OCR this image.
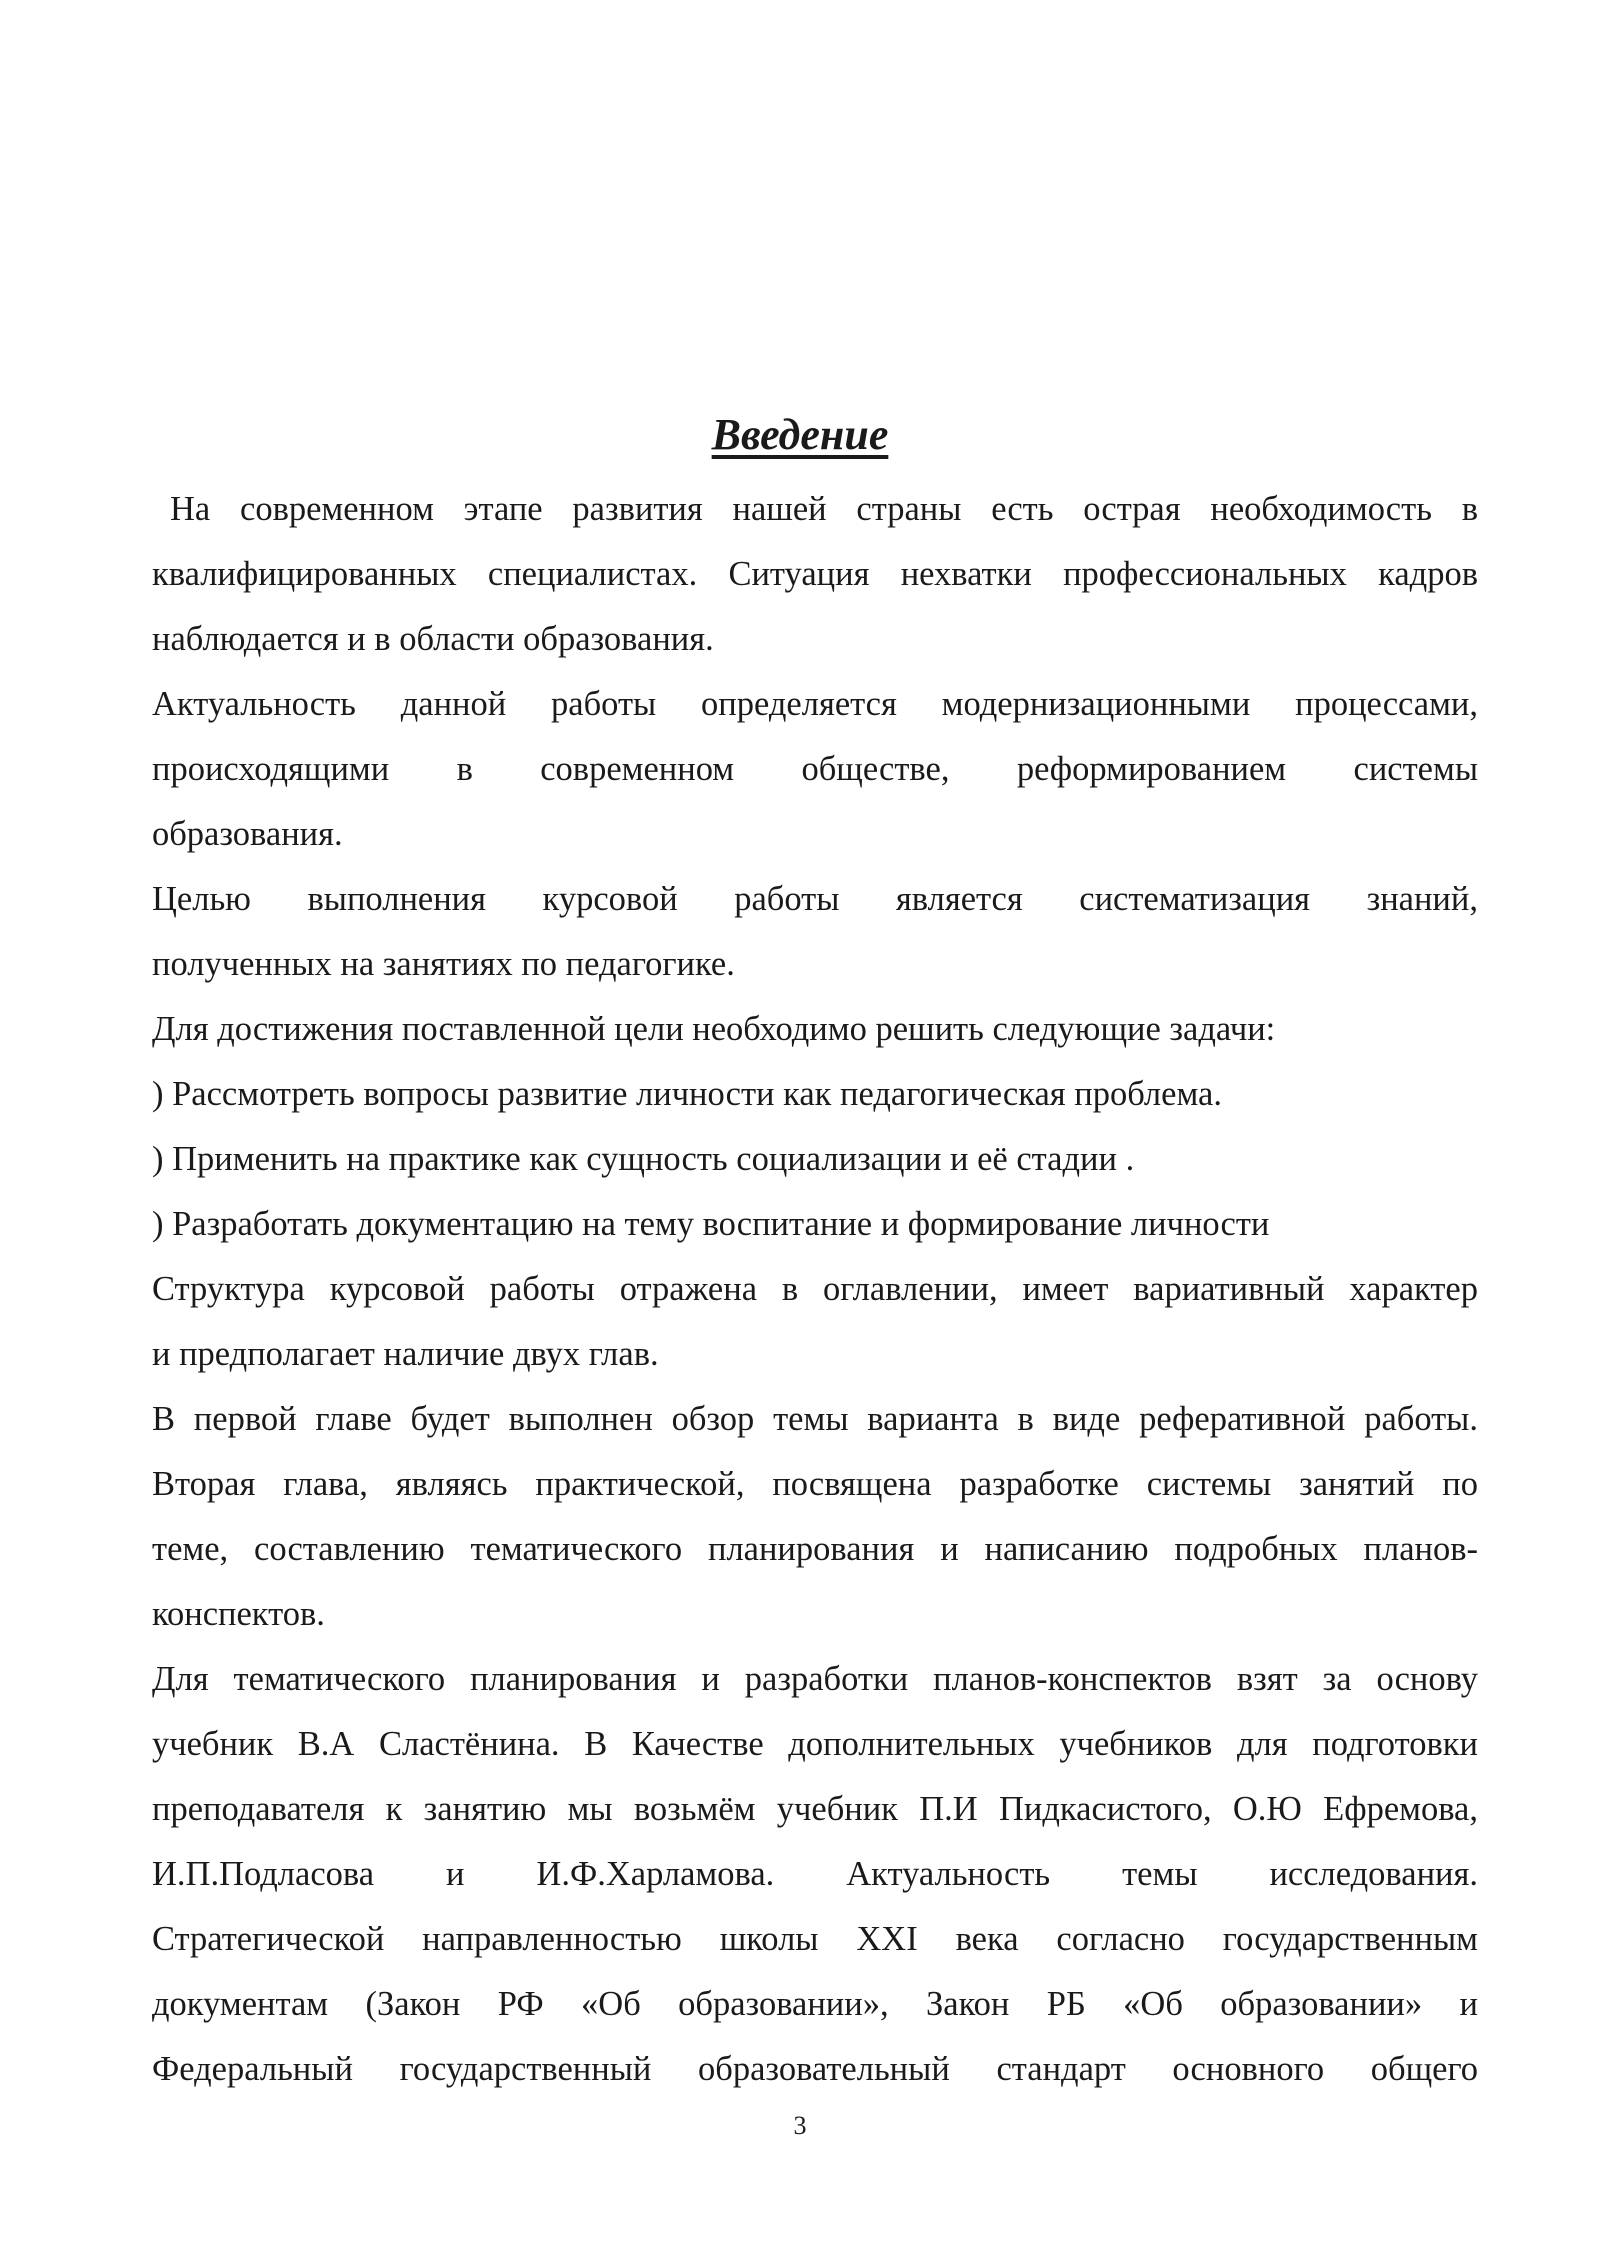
Введение
На современном этапе развития нашей страны есть острая необходимость в
квалифицированных специалистах. Ситуация нехватки профессиональных кадров
наблюдается и в области образования.
Актуальность данной работы определяется модернизационными процессами,
происходящими в современном обществе, реформированием системы
образования.
Целью выполнения курсовой работы является систематизация знаний,
полученных на занятиях по педагогике.
Для достижения поставленной цели необходимо решить следующие задачи:
) Рассмотреть вопросы развитие личности как педагогическая проблема.
) Применить на практике как сущность социализации и её стадии .
) Разработать документацию на тему воспитание и формирование личности
Структура курсовой работы отражена в оглавлении, имеет вариативный характер
и предполагает наличие двух глав.
В первой главе будет выполнен обзор темы варианта в виде реферативной работы.
Вторая глава, являясь практической, посвящена разработке системы занятий по
теме, составлению тематического планирования и написанию подробных планов-
конспектов.
Для тематического планирования и разработки планов-конспектов взят за основу
учебник В.А Сластёнина. В Качестве дополнительных учебников для подготовки
преподавателя к занятию мы возьмём учебник П.И Пидкасистого, О.Ю Ефремова,
И.П.Подласова и И.Ф.Харламова. Актуальность темы исследования.
Стратегической направленностью школы XXI века согласно государственным
документам (Закон РФ «Об образовании», Закон РБ «Об образовании» и
Федеральный государственный образовательный стандарт основного общего
3
